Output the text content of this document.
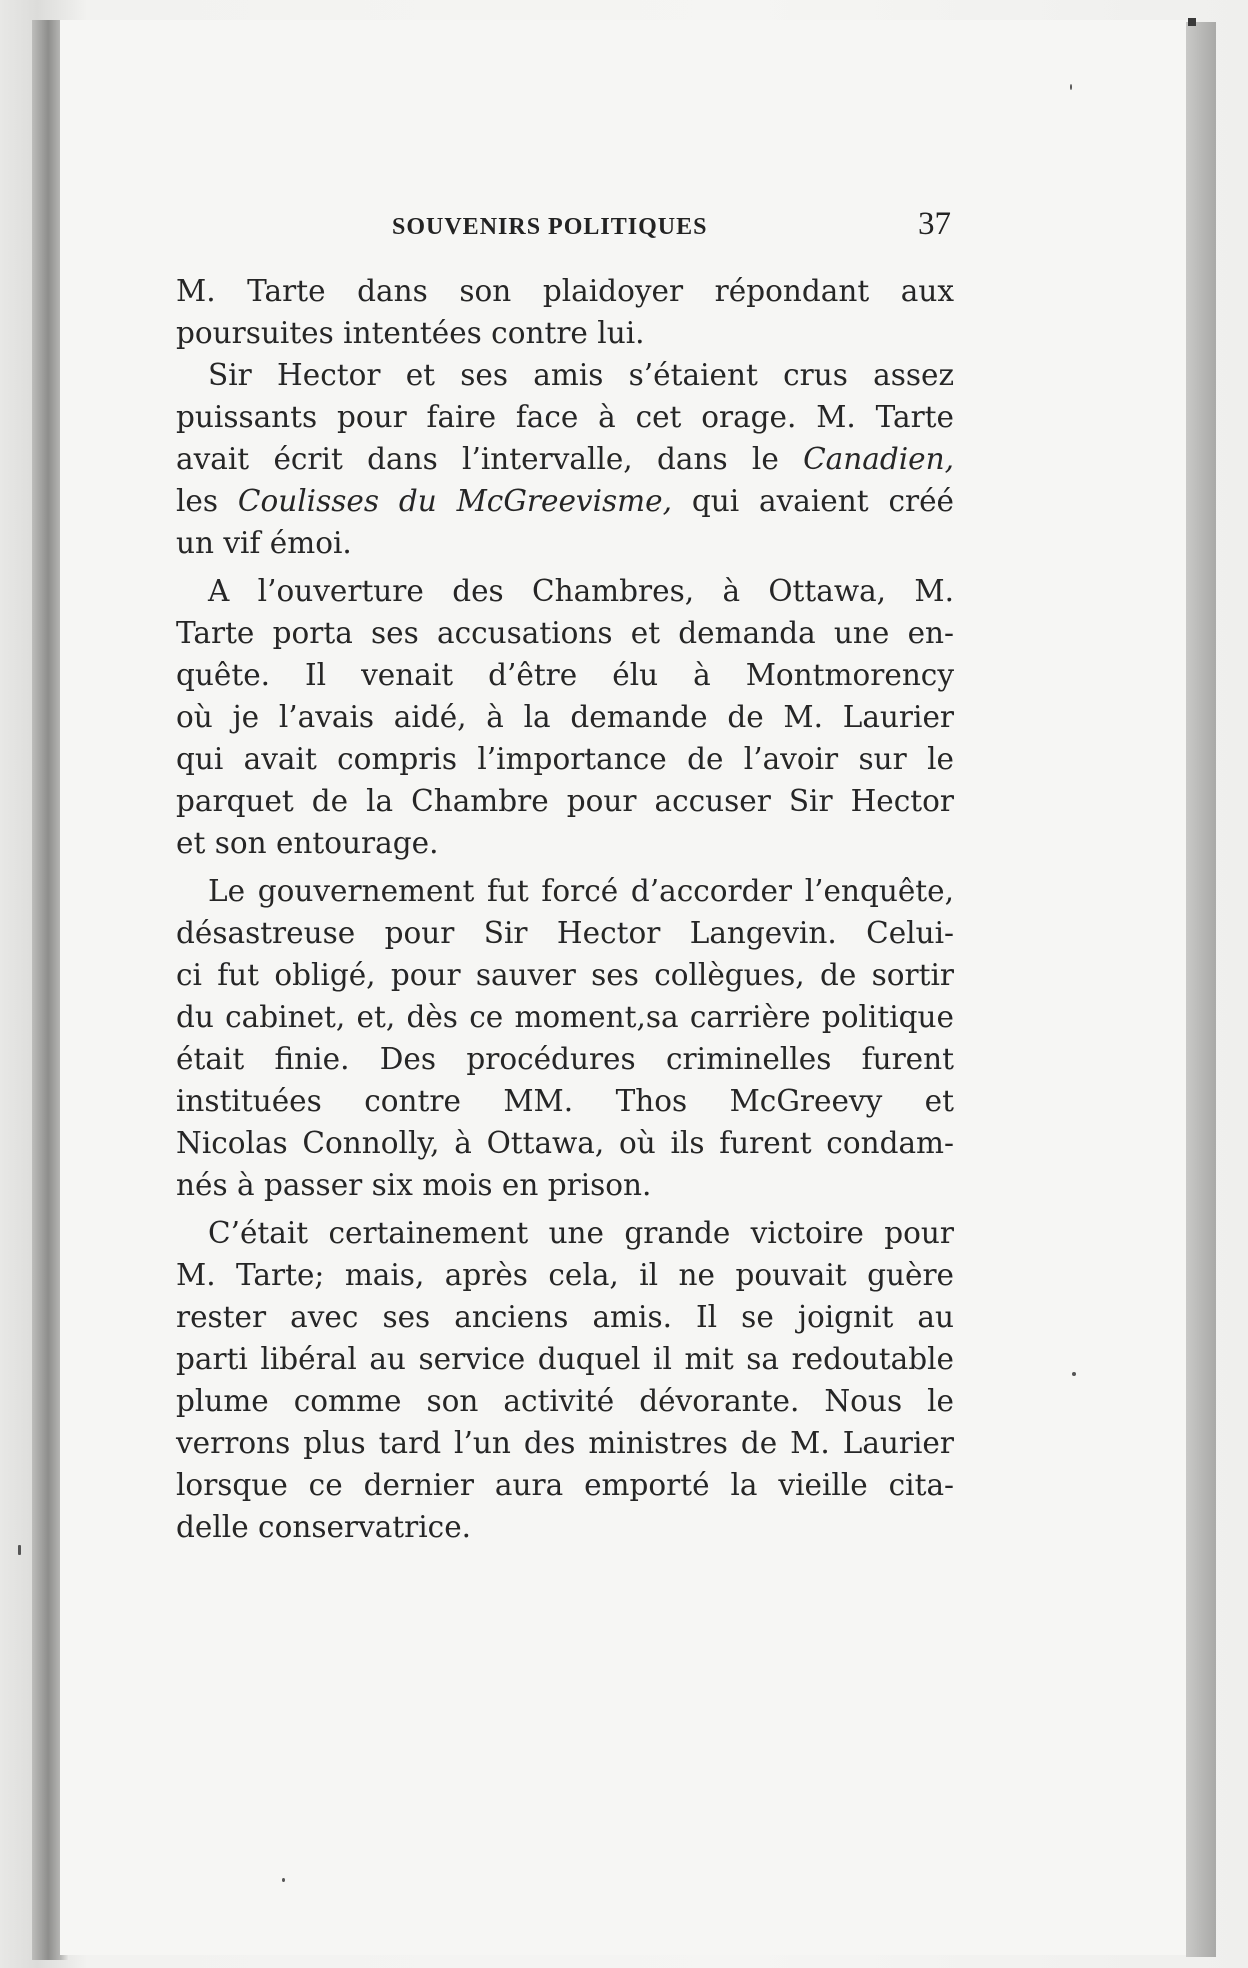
SOUVENIRS POLITIQUES	37
M. Tarte dans son plaidoyer répondant aux
poursuites intentées contre lui.
Sir Hector et ses amis s’étaient crus assez
puissants pour faire face à cet orage. M. Tarte
avait écrit dans l’intervalle, dans le Canadien,
les Coulisses du McGreevisme, qui avaient créé
un vif émoi.
A l’ouverture des Chambres, à Ottawa, M.
Tarte porta ses accusations et demanda une en-
quête. Il venait d’être élu à Montmorency
où je l’avais aidé, à la demande de M. Laurier
qui avait compris l’importance de l’avoir sur le
parquet de la Chambre pour accuser Sir Hector
et son entourage.
Le gouvernement fut forcé d’accorder l’enquête,
désastreuse pour Sir Hector Langevin. Celui-
ci fut obligé, pour sauver ses collègues, de sortir
du cabinet, et, dès ce moment,sa carrière politique
était finie. Des procédures criminelles furent
instituées contre MM. Thos McGreevy et
Nicolas Connolly, à Ottawa, où ils furent condam-
nés à passer six mois en prison.
C’était certainement une grande victoire pour
M. Tarte; mais, après cela, il ne pouvait guère
rester avec ses anciens amis. Il se joignit au
parti libéral au service duquel il mit sa redoutable
plume comme son activité dévorante. Nous le
verrons plus tard l’un des ministres de M. Laurier
lorsque ce dernier aura emporté la vieille cita-
delle conservatrice.
